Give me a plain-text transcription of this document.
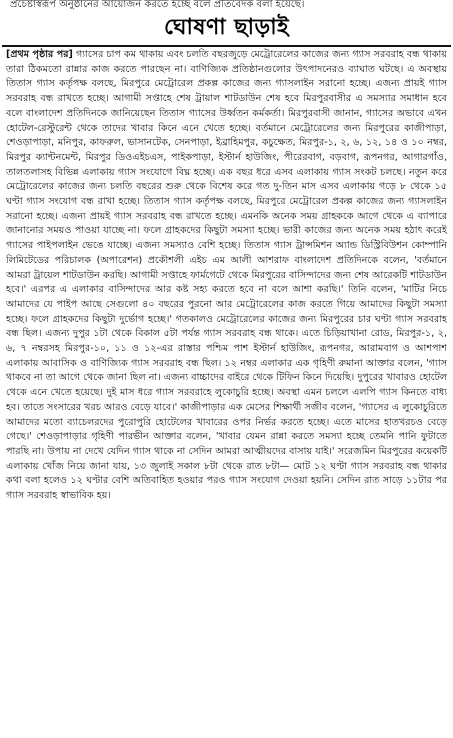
প্রচেষ্টাস্বরূপ অনুষ্ঠানের আয়োজন করতে হচ্ছে বলে প্রতিবেদক বলা হয়েছে।
ঘোষণা ছাড়াই
[প্রথম পৃষ্ঠার পর] গ্যাসের চাপ কম থাকায় এবং চলতি বছরজুড়ে মেট্রোরেলের কাজের জন্য গ্যাস সরবরাহ বন্ধ থাকায় তারা ঠিকমতো রান্নার কাজ করতে পারছেন না। বাণিজ্যিক প্রতিষ্ঠানগুলোর উৎপাদনেরও ব্যাঘাত ঘটছে। এ অবস্থায় তিতাস গ্যাস কর্তৃপক্ষ বলছে, মিরপুরে মেট্রোরেল প্রকল্প কাজের জন্য গ্যাসলাইন সরানো হচ্ছে। এজন্য প্রায়ই গ্যাস সরবরাহ বন্ধ রাখতে হচ্ছে। আগামী সপ্তাহে শেষ ট্রায়াল শাটডাউন শেষ হবে মিরপুরবাসীর এ সমস্যার সমাধান হবে বলে বাংলাদেশ প্রতিদিনকে জানিয়েছেন তিতাস গ্যাসের উর্ধ্বতন কর্মকর্তা। মিরপুরবাসী জানান, গ্যাসের অভাবে এখন হোটেল-রেস্টুরেন্ট থেকে তাদের খাবার কিনে এনে খেতে হচ্ছে। বর্তমানে মেট্রোরেলের জন্য মিরপুরের কাজীপাড়া, শেওড়াপাড়া, মনিপুর, কাফরুল, ভাসানটেক, সেনপাড়া, ইব্রাহিমপুর, কচুক্ষেত, মিরপুর-১, ২, ৬, ১২, ১৪ ও ১০ নম্বর, মিরপুর ক্যান্টনমেন্ট, মিরপুর ডিওএইচএস, পাইকপাড়া, ইস্টার্ন হাউজিং, পীরেরবাগ, বড়বাগ, রূপনগর, আগারগাঁও, তালতলাসহ বিভিন্ন এলাকায় গ্যাস সংযোগে বিঘ্ন হচ্ছে। এক বছর ধরে এসব এলাকায় গ্যাস সংকট চলছে। নতুন করে মেট্রোরেলের কাজের জন্য চলতি বছরের শুরু থেকে বিশেষ করে গত দু-তিন মাস এসব এলাকায় গড়ে ৮ থেকে ১৫ ঘণ্টা গ্যাস সংযোগ বন্ধ রাখা হচ্ছে। তিতাস গ্যাস কর্তৃপক্ষ বলছে, মিরপুরে মেট্রোরেল প্রকল্প কাজের জন্য গ্যাসলাইন সরানো হচ্ছে। এজন্য প্রায়ই গ্যাস সরবরাহ বন্ধ রাখতে হচ্ছে। এমনকি অনেক সময় গ্রাহককে আগে থেকে এ ব্যাপারে জানানোর সময়ও পাওয়া যাচ্ছে না। ফলে গ্রাহকদের কিছুটা সমস্যা হচ্ছে। ভারী কাজের জন্য অনেক সময় হঠাৎ করেই গ্যাসের পাইপলাইন ভেঙে যাচ্ছে। এজন্য সমস্যাও বেশি হচ্ছে। তিতাস গ্যাস ট্রান্সমিশন অ্যান্ড ডিস্ট্রিবিউশন কোম্পানি লিমিটেডের পরিচালক (অপারেশন) প্রকৌশলী এইচ এম আলী আশরাফ বাংলাদেশ প্রতিদিনকে বলেন, 'বর্তমানে আমরা ট্রায়েল শাটডাউন করছি। আগামী সপ্তাহে ফার্মগেটে থেকে মিরপুরের বাসিন্দাদের জন্য শেষ আরেকটি শাটডাউন হবে।' এরপর এ এলাকার বাসিন্দাদের আর কষ্ট সহ্য করতে হবে না বলে আশা করছি।' তিনি বলেন, 'মাটির নিচে আমাদের যে পাইপ আছে সেগুলো ৪০ বছরের পুরনো আর মেট্রোরেলের কাজ করতে গিয়ে আমাদের কিছুটা সমস্যা হচ্ছে। ফলে গ্রাহকদের কিছুটা দুর্ভোগ হচ্ছে।' গতকালও মেট্রোরেলের কাজের জন্য মিরপুরের চার ঘণ্টা গ্যাস সরবরাহ বন্ধ ছিল। এজন্য দুপুর ১টা থেকে বিকাল ৫টা পর্যন্ত গ্যাস সরবরাহ বন্ধ থাকে। এতে চিড়িয়াখানা রোড, মিরপুর-১, ২, ৬, ৭ নম্বরসহ মিরপুর-১০, ১১ ও ১২-এর রাস্তার পশ্চিম পাশ ইস্টার্ন হাউজিং, রূপনগর, আরামবাগ ও আশপাশ এলাকায় আবাসিক ও বাণিজ্যিক গ্যাস সরবরাহ বন্ধ ছিল। ১২ নম্বর এলাকার এক গৃহিণী রুমানা আক্তার বলেন, 'গ্যাস থাকবে না তা আগে থেকে জানা ছিল না। এজন্য বাচ্চাদের বাইরে থেকে টিফিন কিনে দিয়েছি। দুপুরের খাবারও হোটেল থেকে এনে খেতে হয়েছে। দুই মাস ধরে গ্যাস সরবরাহে লুকোচুরি হচ্ছে। অবস্থা এমন চললে এলপি গ্যাস কিনতে বাধ্য হব। তাতে সংসারের খরচ আরও বেড়ে যাবে।' কাজীপাড়ার এক মেসের শিক্ষার্থী সজীব বলেন, 'গ্যাসের এ লুকোচুরিতে আমাদের মতো ব্যাচেলরদের পুরোপুরি হোটেলের খাবারের ওপর নির্ভর করতে হচ্ছে। এতে মাসের হাতখরচও বেড়ে গেছে।' শেওড়াপাড়ার গৃহিণী পারভীন আক্তার বলেন, 'খাবার যেমন রান্না করতে সমস্যা হচ্ছে তেমনি পানি ফুটাতে পারছি না। উপায় না দেখে যেদিন গ্যাস থাকে না সেদিন আমরা আত্মীয়দের বাসায় যাই।' সরেজমিন মিরপুরের কয়েকটি এলাকায় খোঁজ নিয়ে জানা যায়, ১৩ জুলাই সকাল ৮টা থেকে রাত ৮টা— মোট ১২ ঘণ্টা গ্যাস সরবরাহ বন্ধ থাকার কথা বলা হলেও ১২ ঘণ্টার বেশি অতিবাহিত হওয়ার পরও গ্যাস সংযোগ দেওয়া হয়নি। সেদিন রাত সাড়ে ১১টার পর গ্যাস সরবরাহ স্বাভাবিক হয়।
